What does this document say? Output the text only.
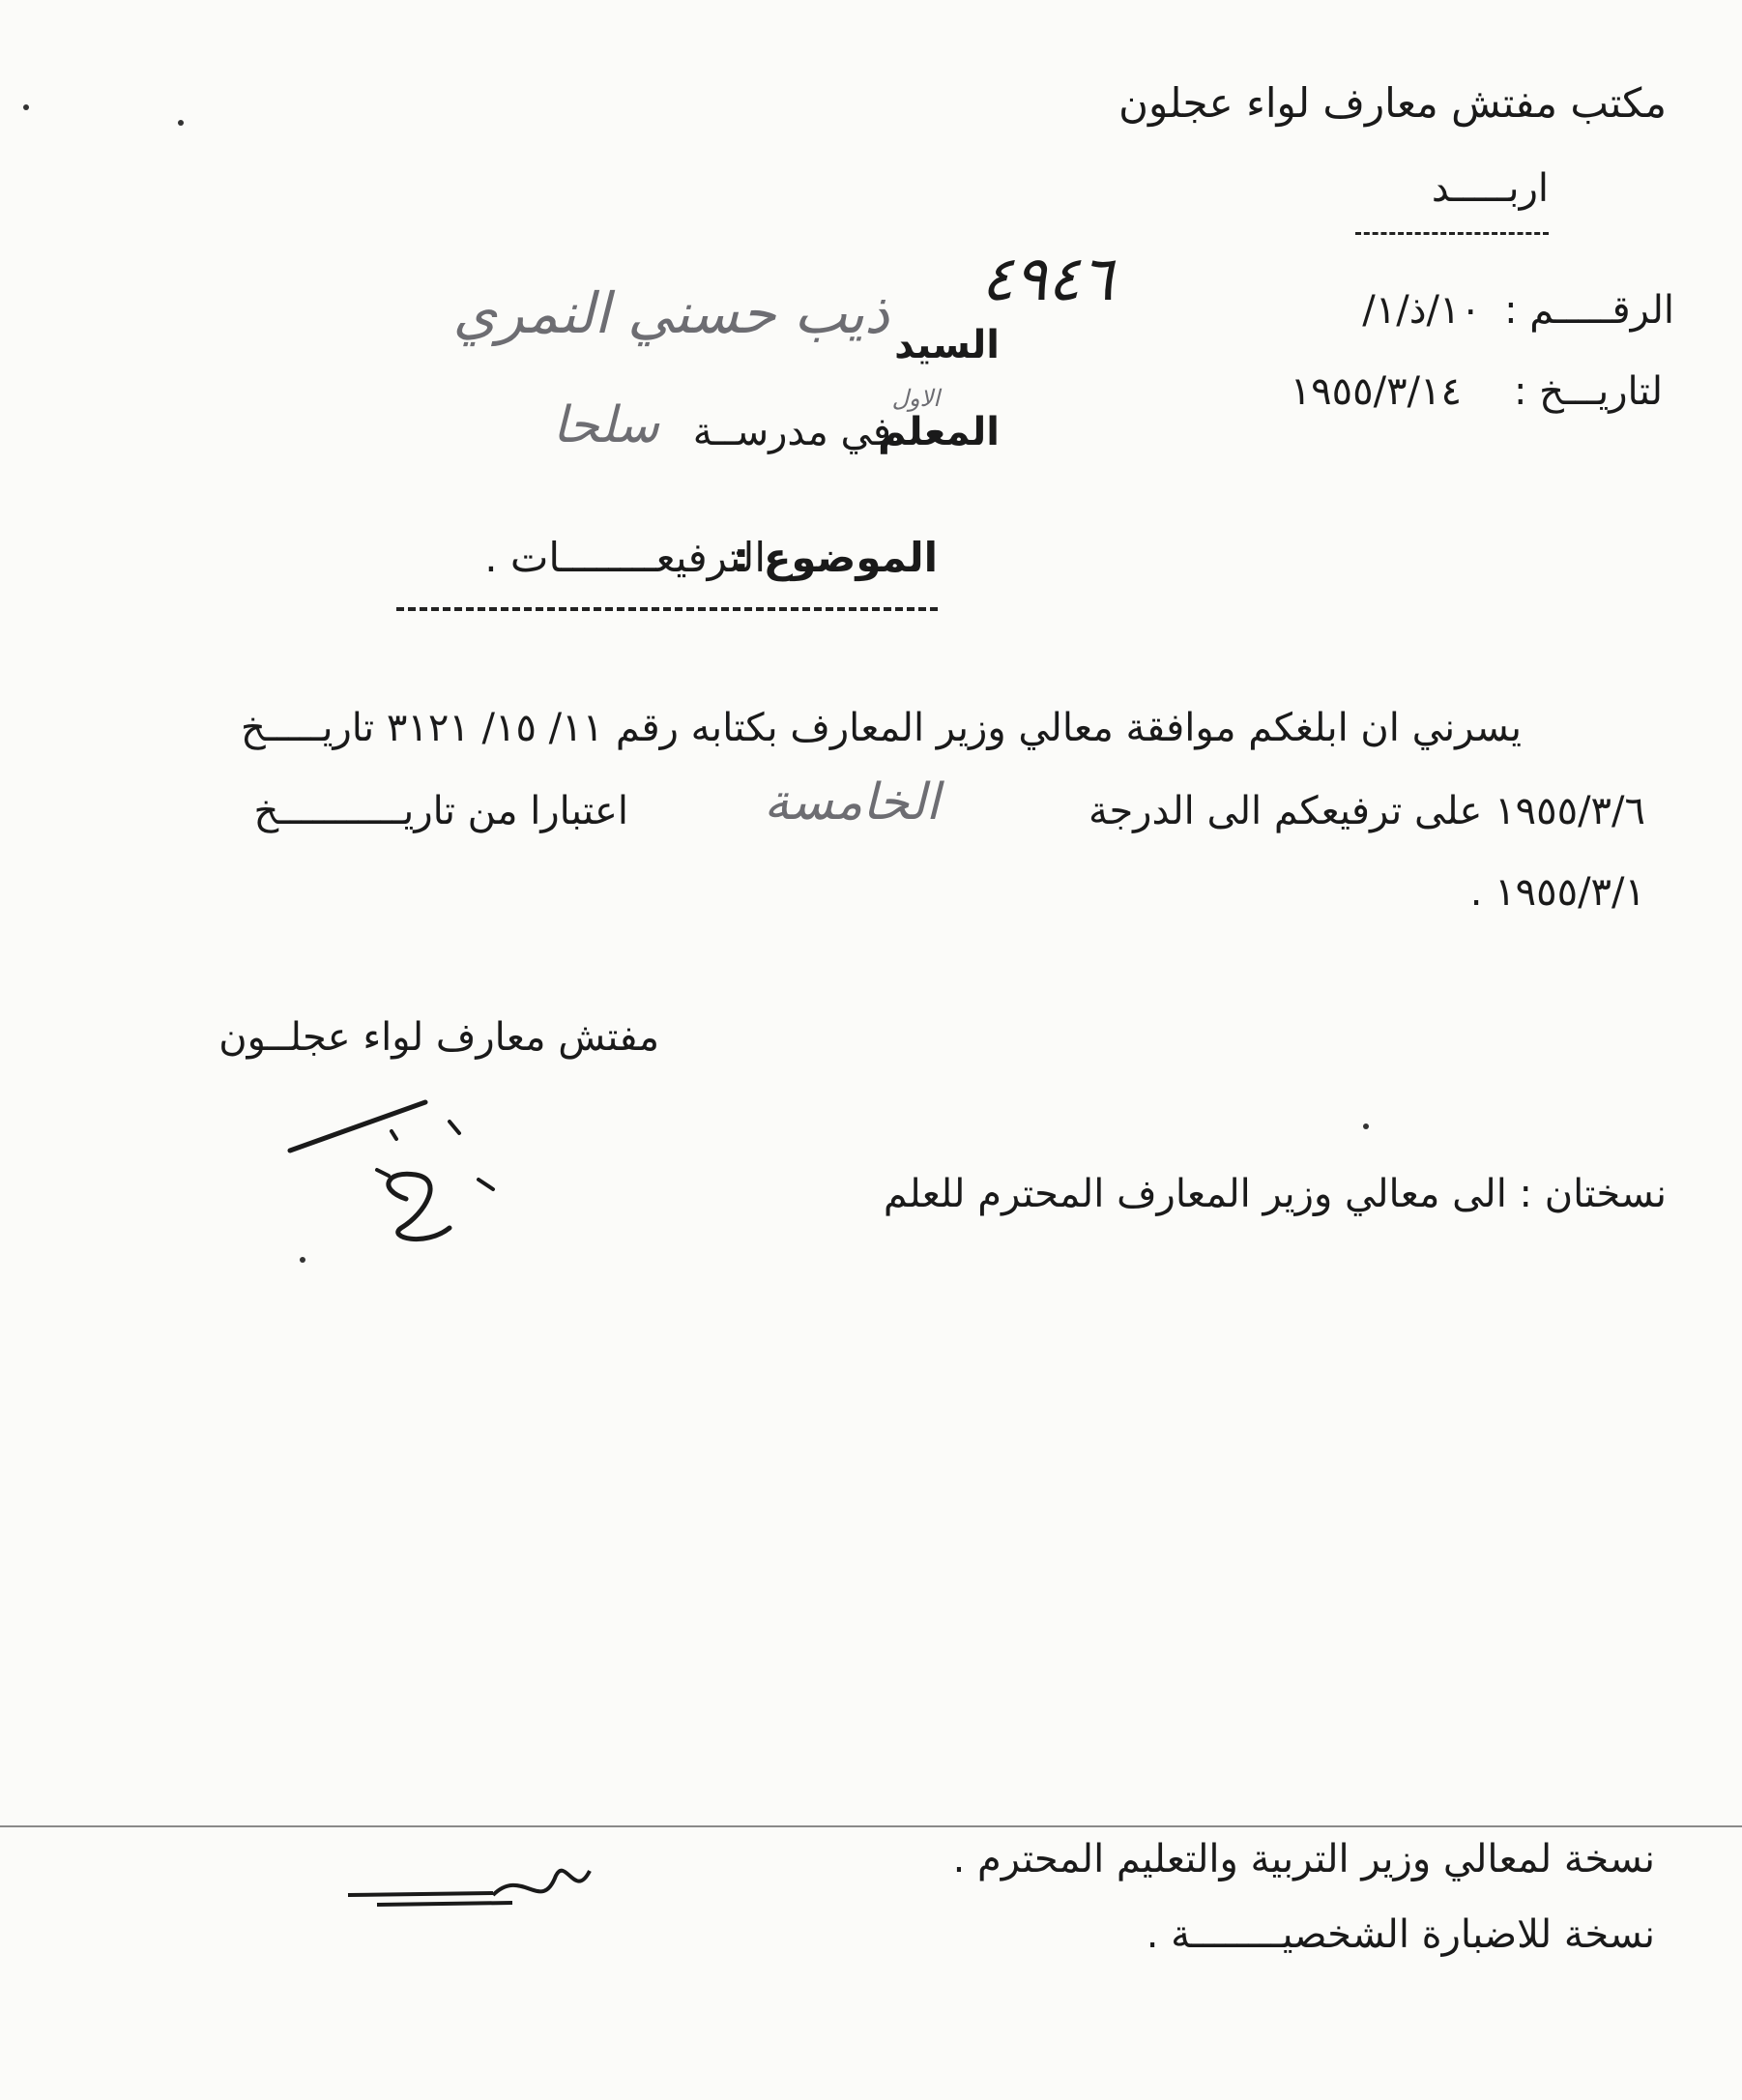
مكتب مفتش معارف لواء عجلون
اربـــــد
الرقـــــم :
١٠/ذ/١/
٤٩٤٦
لتاريـــخ :
١٩٥٥/٣/١٤
السيد
ذيب حسني النمري
الاول
المعلم
في مدرســة
سلحا
الموضوع :
الترفيعــــــــات .
يسرني ان ابلغكم موافقة معالي وزير المعارف بكتابه رقم ١١/ ١٥/ ٣١٢١ تاريـــــخ
١٩٥٥/٣/٦ على ترفيعكم الى الدرجة
الخامسة
اعتبارا من تاريـــــــــــخ
١٩٥٥/٣/١ .
مفتش معارف لواء عجلــون
نسختان : الى معالي وزير المعارف المحترم للعلم
نسخة لمعالي وزير التربية والتعليم المحترم .
نسخة للاضبارة الشخصيــــــــة .
